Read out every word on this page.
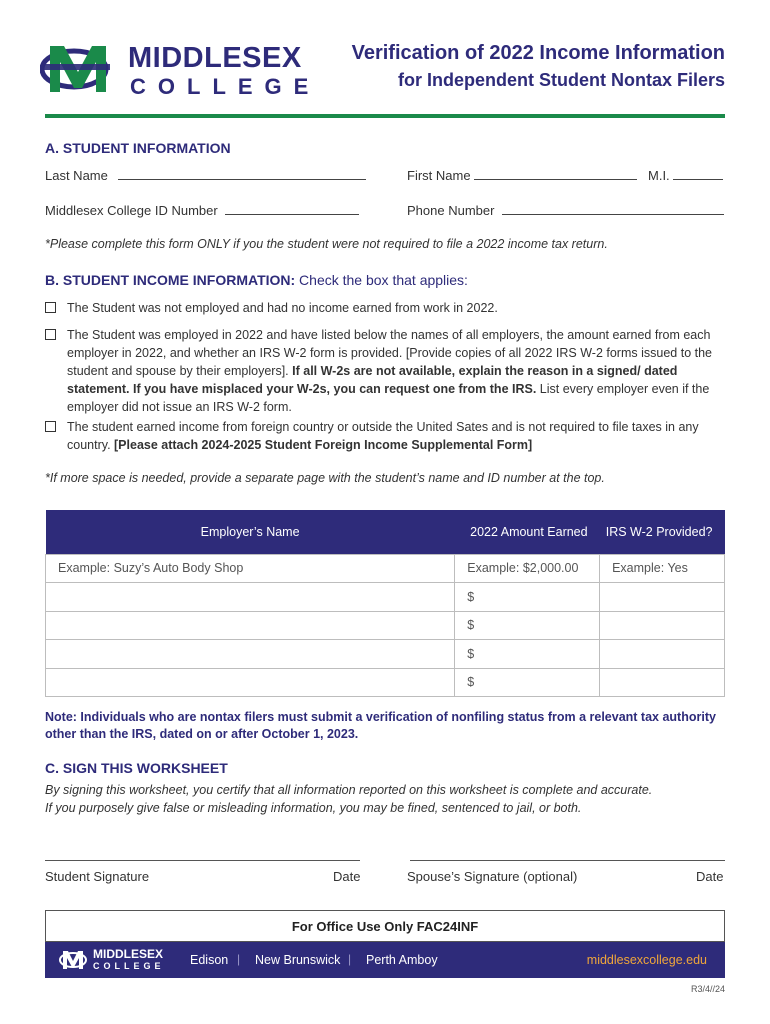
MIDDLESEX
COLLEGE
Verification of 2022 Income Information
for Independent Student Nontax Filers
A. STUDENT INFORMATION
Last Name	First Name	M.I.
Middlesex College ID Number	Phone Number
*Please complete this form ONLY if you the student were not required to file a 2022 income tax return.
B. STUDENT INCOME INFORMATION: Check the box that applies:
The Student was not employed and had no income earned from work in 2022.
The Student was employed in 2022 and have listed below the names of all employers, the amount earned from each employer in 2022, and whether an IRS W-2 form is provided. [Provide copies of all 2022 IRS W-2 forms issued to the student and spouse by their employers]. If all W-2s are not available, explain the reason in a signed/ dated statement. If you have misplaced your W-2s, you can request one from the IRS. List every employer even if the employer did not issue an IRS W-2 form.
The student earned income from foreign country or outside the United Sates and is not required to file taxes in any country. [Please attach 2024-2025 Student Foreign Income Supplemental Form]
*If more space is needed, provide a separate page with the student’s name and ID number at the top.
Employer’s Name	2022 Amount Earned	IRS W-2 Provided?
Example: Suzy’s Auto Body Shop	Example: $2,000.00	Example: Yes
	$	
	$	
	$	
	$	
Note: Individuals who are nontax filers must submit a verification of nonfiling status from a relevant tax authority other than the IRS, dated on or after October 1, 2023.
C. SIGN THIS WORKSHEET
By signing this worksheet, you certify that all information reported on this worksheet is complete and accurate.
If you purposely give false or misleading information, you may be fined, sentenced to jail, or both.
Student Signature	Date	Spouse’s Signature (optional)	Date
For Office Use Only FAC24INF
MIDDLESEX
COLLEGE Edison | New Brunswick | Perth Amboy	middlesexcollege.edu
R3/4//24
